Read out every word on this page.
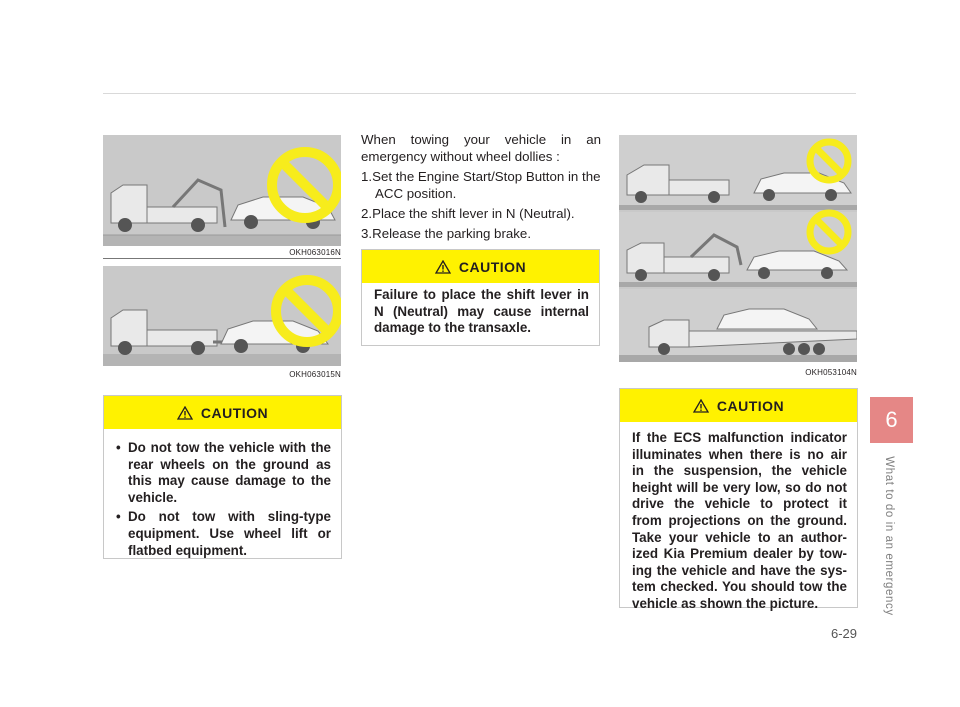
OKH063016N
OKH063015N
CAUTION
• Do not tow the vehicle with the rear wheels on the ground as this may cause damage to the vehicle.
• Do not tow with sling-type equipment. Use wheel lift or flatbed equipment.

When towing your vehicle in an emergency without wheel dollies :

1.Set the Engine Start/Stop Button in the ACC position.

2.Place the shift lever in N (Neutral).

3.Release the parking brake.

CAUTION
Failure to place the shift lever in N (Neutral) may cause internal damage to the transaxle.
OKH053104N
CAUTION
If the ECS malfunction indicator illuminates when there is no air in the suspension, the vehicle height will be very low, so do not drive the vehicle to protect it from projections on the ground. Take your vehicle to an author- ized Kia Premium dealer by tow- ing the vehicle and have the sys- tem checked. You should tow the vehicle as shown the picture.
6
What to do in an emergency
6-29
